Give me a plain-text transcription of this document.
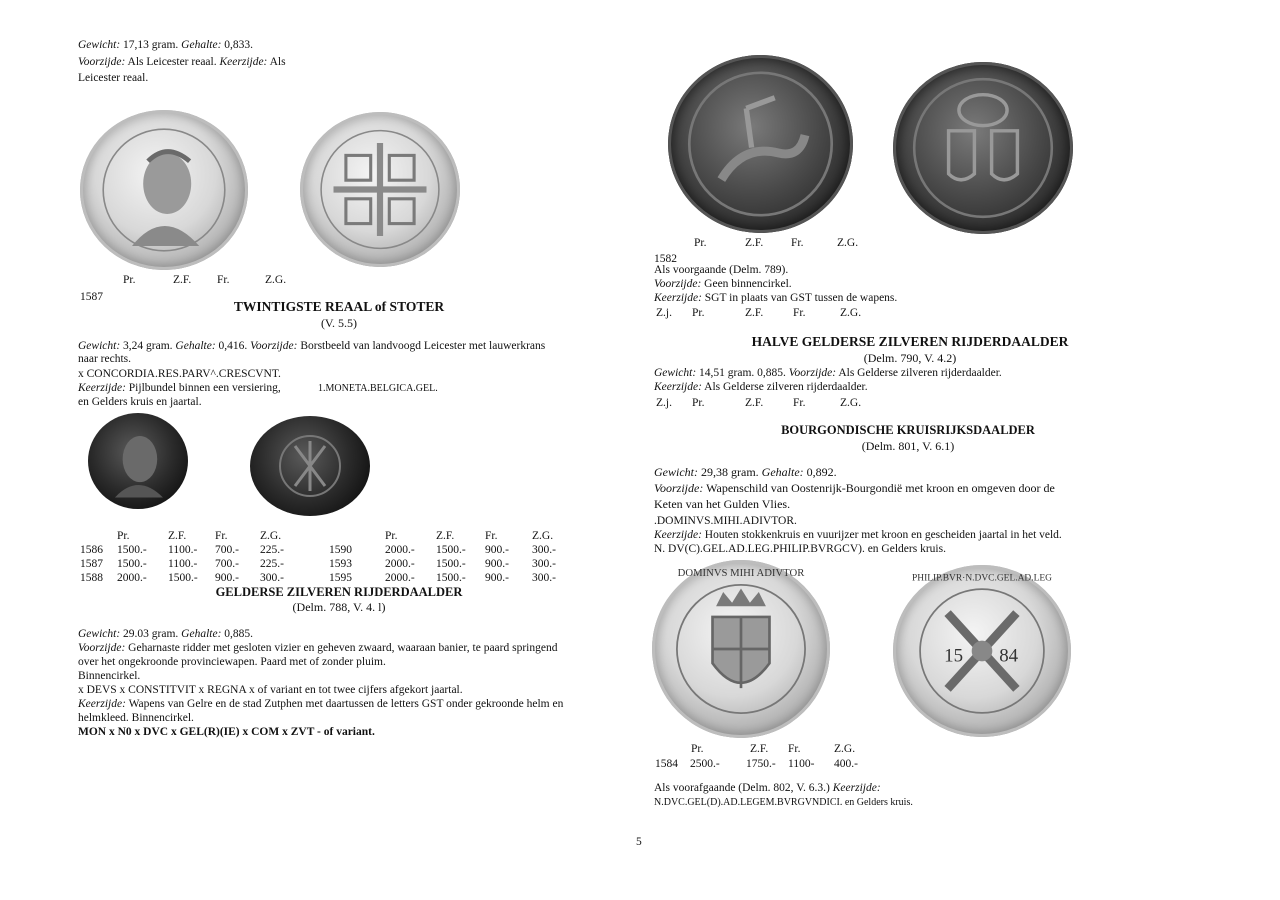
Gewicht: 17,13 gram. Gehalte: 0,833.
Voorzijde: Als Leicester reaal. Keerzijde: Als
Leicester reaal.
Pr.	Z.F. Fr.	Z.G.
1587
TWINTIGSTE REAAL of STOTER
(V. 5.5)
Gewicht: 3,24 gram. Gehalte: 0,416. Voorzijde: Borstbeeld van landvoogd Leicester met lauwerkrans
naar rechts.
x CONCORDIA.RES.PARV^.CRESCVNT.
Keerzijde: Pijlbundel binnen een versiering,	1.MONETA.BELGICA.GEL.
en Gelders kruis en jaartal.
Pr.	Z.F.	Fr.	Z.G.	Pr.	Z.F.	Fr.	Z.G.
1586 1500.- 1100.- 700.- 225.-	1590	2000.- 1500.- 900.- 300.-
1587 1500.- 1100.- 700.- 225.-	1593	2000.- 1500.- 900.- 300.-
1588 2000.- 1500.- 900.- 300.-	1595	2000.- 1500.- 900.- 300.-
GELDERSE ZILVEREN RIJDERDAALDER
(Delm. 788, V. 4. l)
Gewicht: 29.03 gram. Gehalte: 0,885.
Voorzijde: Geharnaste ridder met gesloten vizier en geheven zwaard, waaraan banier, te paard springend
over het ongekroonde provinciewapen. Paard met of zonder pluim.
Binnencirkel.
x DEVS x CONSTITVIT x REGNA x of variant en tot twee cijfers afgekort jaartal.
Keerzijde: Wapens van Gelre en de stad Zutphen met daartussen de letters GST onder gekroonde helm en
helmkleed. Binnencirkel.
MON x N0 x DVC x GEL(R)(IE) x COM x ZVT - of variant.
Pr.	Z.F. Fr.	Z.G.
1582
Als voorgaande (Delm. 789).
Voorzijde: Geen binnencirkel.
Keerzijde: SGT in plaats van GST tussen de wapens.
Z.j. Pr.	Z.F.	Fr.	Z.G.
HALVE GELDERSE ZILVEREN RIJDERDAALDER
(Delm. 790, V. 4.2)
Gewicht: 14,51 gram. 0,885. Voorzijde: Als Gelderse zilveren rijderdaalder.
Keerzijde: Als Gelderse zilveren rijderdaalder.
Z.j. Pr.	Z.F.	Fr.	Z.G.
BOURGONDISCHE KRUISRIJKSDAALDER
(Delm. 801, V. 6.1)
Gewicht: 29,38 gram. Gehalte: 0,892.
Voorzijde: Wapenschild van Oostenrijk-Bourgondië met kroon en omgeven door de
Keten van het Gulden Vlies.
.DOMINVS.MIHI.ADIVTOR.
Keerzijde: Houten stokkenkruis en vuurijzer met kroon en gescheiden jaartal in het veld.
N. DV(C).GEL.AD.LEG.PHILIP.BVRGCV). en Gelders kruis.
DOMINVS MIHI ADIVTOR
15	84
PHILIP.BVR·N.DVC.GEL.AD.LEG
Pr.	Z.F. Fr.	Z.G.
1584 2500.- 1750.- 1100- 400.-
Als voorafgaande (Delm. 802, V. 6.3.) Keerzijde:
N.DVC.GEL(D).AD.LEGEM.BVRGVNDICI. en Gelders kruis.
5
